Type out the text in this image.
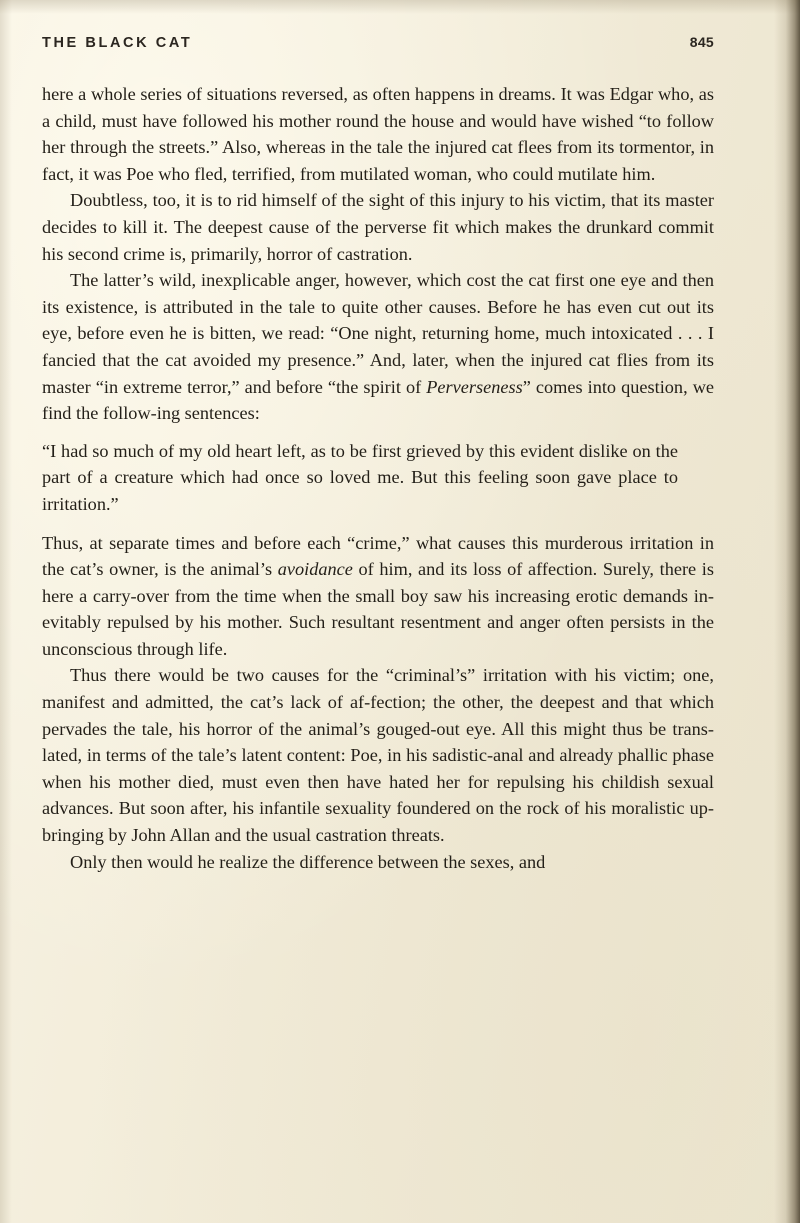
THE BLACK CAT	845

here a whole series of situations reversed, as often happens in dreams. It was Edgar who, as a child, must have followed his mother round the house and would have wished “to follow her through the streets.” Also, whereas in the tale the injured cat flees from its tormentor, in fact, it was Poe who fled, terrified, from mutilated woman, who could mutilate him.

Doubtless, too, it is to rid himself of the sight of this injury to his victim, that its master decides to kill it. The deepest cause of the perverse fit which makes the drunkard commit his second crime is, primarily, horror of castration.

The latter’s wild, inexplicable anger, however, which cost the cat first one eye and then its existence, is attributed in the tale to quite other causes. Before he has even cut out its eye, before even he is bitten, we read: “One night, returning home, much intoxicated . . . I fancied that the cat avoided my presence.” And, later, when the injured cat flies from its master “in extreme terror,” and before “the spirit of Perverseness” comes into question, we find the follow-ing sentences:

“I had so much of my old heart left, as to be first grieved by this evident dislike on the part of a creature which had once so loved me. But this feeling soon gave place to irritation.”

Thus, at separate times and before each “crime,” what causes this murderous irritation in the cat’s owner, is the animal’s avoidance of him, and its loss of affection. Surely, there is here a carry-over from the time when the small boy saw his increasing erotic demands in-evitably repulsed by his mother. Such resultant resentment and anger often persists in the unconscious through life.

Thus there would be two causes for the “criminal’s” irritation with his victim; one, manifest and admitted, the cat’s lack of af-fection; the other, the deepest and that which pervades the tale, his horror of the animal’s gouged-out eye. All this might thus be trans-lated, in terms of the tale’s latent content: Poe, in his sadistic-anal and already phallic phase when his mother died, must even then have hated her for repulsing his childish sexual advances. But soon after, his infantile sexuality foundered on the rock of his moralistic up-bringing by John Allan and the usual castration threats.

Only then would he realize the difference between the sexes, and
